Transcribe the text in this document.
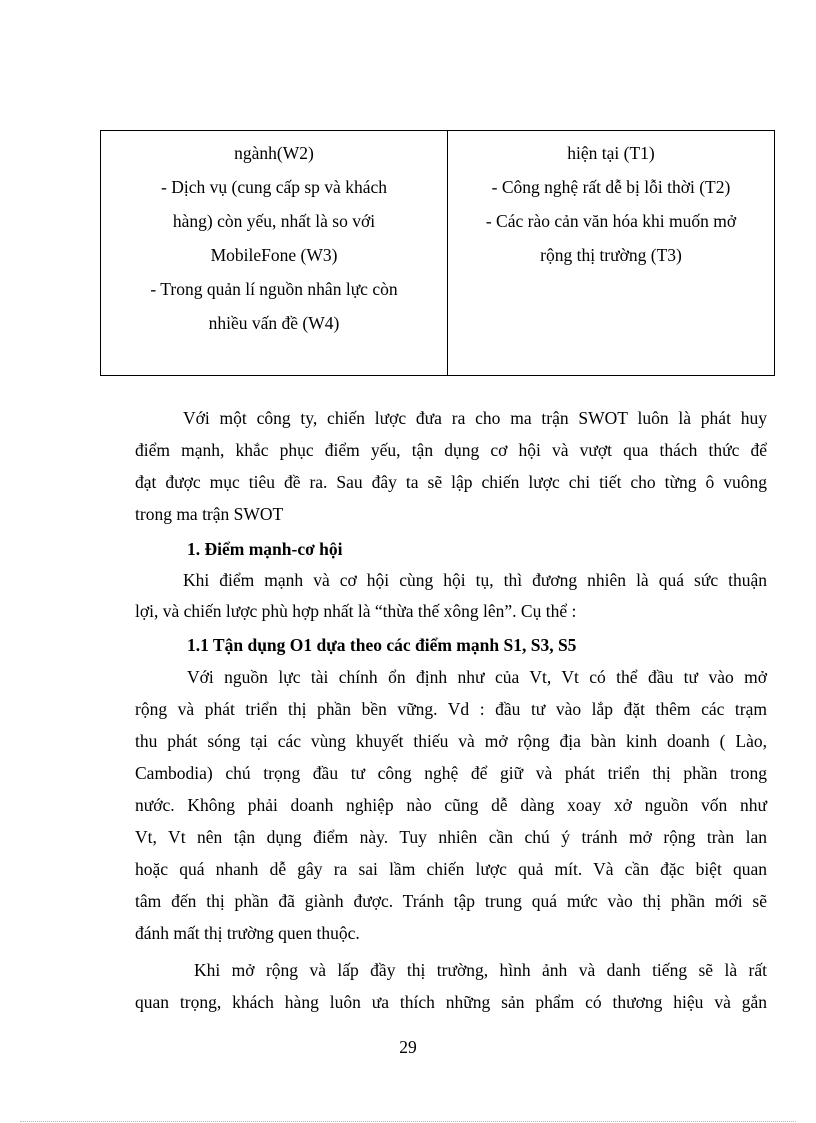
ngành(W2)
- Dịch vụ (cung cấp sp và khách
hàng) còn yếu, nhất là so với
MobileFone (W3)
- Trong quản lí nguồn nhân lực còn
nhiều vấn đề (W4)
hiện tại (T1)
- Công nghệ rất dễ bị lỗi thời (T2)
- Các rào cản văn hóa khi muốn mở
rộng thị trường (T3)
Với một công ty, chiến lược đưa ra cho ma trận SWOT luôn là phát huy
điểm mạnh, khắc phục điểm yếu, tận dụng cơ hội và vượt qua thách thức để
đạt được mục tiêu đề ra. Sau đây ta sẽ lập chiến lược chi tiết cho từng ô vuông
trong ma trận SWOT
1. Điểm mạnh-cơ hội
Khi điểm mạnh và cơ hội cùng hội tụ, thì đương nhiên là quá sức thuận
lợi, và chiến lược phù hợp nhất là “thừa thế xông lên”. Cụ thể :
1.1 Tận dụng O1 dựa theo các điểm mạnh S1, S3, S5
Với nguồn lực tài chính ổn định như của Vt, Vt có thể đầu tư vào mở
rộng và phát triển thị phần bền vững. Vd : đầu tư vào lắp đặt thêm các trạm
thu phát sóng tại các vùng khuyết thiếu và mở rộng địa bàn kinh doanh ( Lào,
Cambodia) chú trọng đầu tư công nghệ để giữ và phát triển thị phần trong
nước. Không phải doanh nghiệp nào cũng dễ dàng xoay xở nguồn vốn như
Vt, Vt nên tận dụng điểm này. Tuy nhiên cần chú ý tránh mở rộng tràn lan
hoặc quá nhanh dễ gây ra sai lầm chiến lược quả mít. Và cần đặc biệt quan
tâm đến thị phần đã giành được. Tránh tập trung quá mức vào thị phần mới sẽ
đánh mất thị trường quen thuộc.
Khi mở rộng và lấp đầy thị trường, hình ảnh và danh tiếng sẽ là rất
quan trọng, khách hàng luôn ưa thích những sản phẩm có thương hiệu và gắn
29
